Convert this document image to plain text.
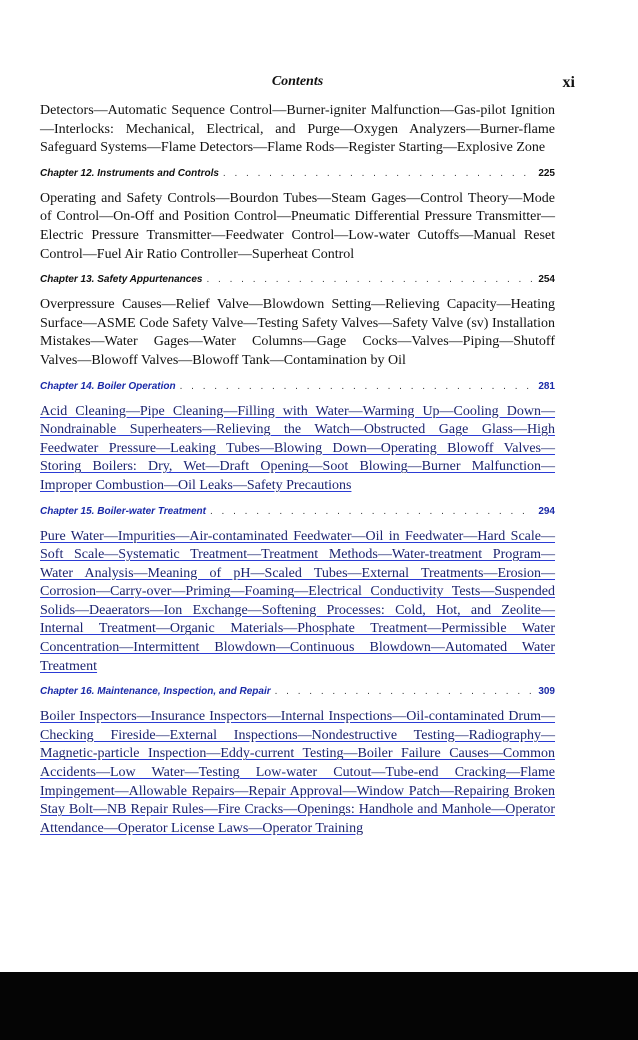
Contents	xi

Detectors—Automatic Sequence Control—Burner-igniter Malfunction—Gas-pilot Ignition—Interlocks: Mechanical, Electrical, and Purge—Oxygen Analyzers—Burner-flame Safeguard Systems—Flame Detectors—Flame Rods—Register Starting—Explosive Zone

Chapter 12. Instruments and Controls . . .	225

Operating and Safety Controls—Bourdon Tubes—Steam Gages—Control Theory—Mode of Control—On-Off and Position Control—Pneumatic Differential Pressure Transmitter—Electric Pressure Transmitter—Feedwater Control—Low-water Cutoffs—Manual Reset Control—Fuel Air Ratio Controller—Superheat Control

Chapter 13. Safety Appurtenances . . .	254

Overpressure Causes—Relief Valve—Blowdown Setting—Relieving Capacity—Heating Surface—ASME Code Safety Valve—Testing Safety Valves—Safety Valve (sv) Installation Mistakes—Water Gages—Water Columns—Gage Cocks—Valves—Piping—Shutoff Valves—Blowoff Valves—Blowoff Tank—Contamination by Oil

Chapter 14. Boiler Operation . . .	281

Acid Cleaning—Pipe Cleaning—Filling with Water—Warming Up—Cooling Down—Nondrainable Superheaters—Relieving the Watch—Obstructed Gage Glass—High Feedwater Pressure—Leaking Tubes—Blowing Down—Operating Blowoff Valves—Storing Boilers: Dry, Wet—Draft Opening—Soot Blowing—Burner Malfunction—Improper Combustion—Oil Leaks—Safety Precautions

Chapter 15. Boiler-water Treatment . . .	294

Pure Water—Impurities—Air-contaminated Feedwater—Oil in Feedwater—Hard Scale—Soft Scale—Systematic Treatment—Treatment Methods—Water-treatment Program—Water Analysis—Meaning of pH—Scaled Tubes—External Treatments—Erosion—Corrosion—Carry-over—Priming—Foaming—Electrical Conductivity Tests—Suspended Solids—Deaerators—Ion Exchange—Softening Processes: Cold, Hot, and Zeolite—Internal Treatment—Organic Materials—Phosphate Treatment—Permissible Water Concentration—Intermittent Blowdown—Continuous Blowdown—Automated Water Treatment

Chapter 16. Maintenance, Inspection, and Repair . . .	309

Boiler Inspectors—Insurance Inspectors—Internal Inspections—Oil-contaminated Drum—Checking Fireside—External Inspections—Nondestructive Testing—Radiography—Magnetic-particle Inspection—Eddy-current Testing—Boiler Failure Causes—Common Accidents—Low Water—Testing Low-water Cutout—Tube-end Cracking—Flame Impingement—Allowable Repairs—Repair Approval—Window Patch—Repairing Broken Stay Bolt—NB Repair Rules—Fire Cracks—Openings: Handhole and Manhole—Operator Attendance—Operator License Laws—Operator Training
